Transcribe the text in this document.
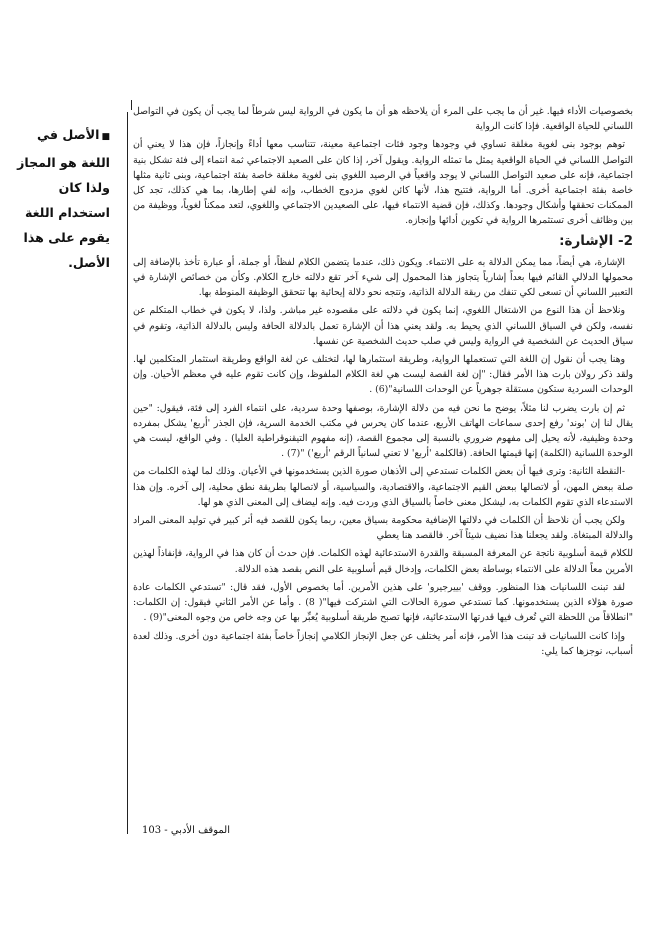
■الأصل في اللغة هو المجاز ولذا كان استخدام اللغة يقوم على هذا الأصل.

بخصوصيات الأداء فيها. غير أن ما يجب على المرء أن يلاحظه هو أن ما يكون في الرواية ليس شرطاً لما يجب أن يكون في التواصل اللساني للحياة الواقعية. فإذا كانت الرواية

توهم بوجود بنى لغوية مغلقة تساوي في وجودها وجود فئات اجتماعية معينة، تتناسب معها أداءً وإنجازاً، فإن هذا لا يعني أن التواصل اللساني في الحياة الواقعية يمثل ما تمثله الرواية. ويقول آخر، إذا كان على الصعيد الاجتماعي ثمة انتماء إلى فئة تشكل بنية اجتماعية، فإنه على صعيد التواصل اللساني لا يوجد واقعياً في الرصيد اللغوي بنى لغوية مغلقة خاصة بفئة اجتماعية، وبنى ثانية مثلها خاصة بفئة اجتماعية أخرى. أما الرواية، فتتيح هذا، لأنها كائن لغوي مزدوج الخطاب، وإنه لفي إطارها، بما هي كذلك، تجد كل الممكنات تحققها وأشكال وجودها. وكذلك، فإن قضية الانتماء فيها، على الصعيدين الاجتماعي واللغوي، لتعد ممكناً لغوياً، ووظيفة من بين وظائف أخرى تستثمرها الرواية في تكوين أدائها وإنجازه.

2- الإشارة:

الإشارة، هي أيضاً، مما يمكن الدلالة به على الانتماء. ويكون ذلك، عندما يتضمن الكلام لفظاً، أو جملة، أو عبارة تأخذ بالإضافة إلى محمولها الدلالي القائم فيها بعداً إشارياً يتجاوز هذا المحمول إلى شيء آخر تقع دلالته خارج الكلام. وكأن من خصائص الإشارة في التعبير اللساني أن تسعى لكي تنفك من ربقة الدلالة الذاتية، وتتجه نحو دلالة إيحائية بها تتحقق الوظيفة المنوطة بها.

ونلاحظ أن هذا النوع من الاشتغال اللغوي، إنما يكون في دلالته على مقصوده غير مباشر. ولذا، لا يكون في خطاب المتكلم عن نفسه، ولكن في السياق اللساني الذي يحيط به. ولقد يعني هذا أن الإشارة تعمل بالدلالة الحافة وليس بالدلالة الذاتية، وتقوم في سياق الحديث عن الشخصية في الرواية وليس في صلب حديث الشخصية عن نفسها.

وهنا يجب أن نقول إن اللغة التي تستعملها الرواية، وطريقة استثمارها لها، لتختلف عن لغة الواقع وطريقة استثمار المتكلمين لها. ولقد ذكر رولان بارت هذا الأمر فقال: "إن لغة القصة ليست هي لغة الكلام الملفوظ، وإن كانت تقوم عليه في معظم الأحيان. وإن الوحدات السردية ستكون مستقلة جوهرياً عن الوحدات اللسانية"(6) .

ثم إن بارت يضرب لنا مثلاً، يوضح ما نحن فيه من دلالة الإشارة، بوصفها وحدة سردية، على انتماء الفرد إلى فئة، فيقول: "حين يقال لنا إن 'بوند' رفع إحدى سماعات الهاتف الأربع، عندما كان يحرس في مكتب الخدمة السرية، فإن الجذر 'أربع' يشكل بمفرده وحدة وظيفية، لأنه يحيل إلى مفهوم ضروري بالنسبة إلى مجموع القصة، (إنه مفهوم التيقنوقراطية العليا) . وفي الواقع، ليست هي الوحدة اللسانية (الكلمة) إنها قيمتها الحافة. (فالكلمة 'أربع' لا تعني لسانياً الرقم 'أربع') "(7) .

-النقطة الثانية: وترى فيها أن بعض الكلمات تستدعي إلى الأذهان صورة الذين يستخدمونها في الأعيان. وذلك لما لهذه الكلمات من صلة ببعض المهن، أو لاتصالها ببعض القيم الاجتماعية، والاقتصادية، والسياسية، أو لاتصالها بطريقة نطق محلية، إلى آخره. وإن هذا الاستدعاء الذي تقوم الكلمات به، ليشكل معنى خاصاً بالسياق الذي وردت فيه. وإنه ليضاف إلى المعنى الذي هو لها.

ولكن يجب أن نلاحظ أن الكلمات في دلالتها الإضافية محكومة بسياق معين، ربما يكون للقصد فيه أثر كبير في توليد المعنى المراد والدلالة المبتغاة. ولقد يجعلنا هذا نضيف شيئاً آخر. فالقصد هنا يعطي

للكلام قيمة أسلوبية ناتجة عن المعرفة المسبقة والقدرة الاستدعائية لهذه الكلمات. فإن حدث أن كان هذا في الرواية، فإنفاذاً لهذين الأمرين معاً الدلالة على الانتماء بوساطة بعض الكلمات، وإدخال قيم أسلوبية على النص بقصد هذه الدلالة.

لقد تبنت اللسانيات هذا المنظور. ووقف 'بييرجيرو' على هذين الأمرين. أما بخصوص الأول، فقد قال: "تستدعي الكلمات عادة صورة هؤلاء الذين يستخدمونها. كما تستدعي صورة الحالات التي اشتركت فيها"( 8) . وأما عن الأمر الثاني فيقول: إن الكلمات: "انطلاقاً من اللحظة التي تُعرف فيها قدرتها الاستدعائية، فإنها تصبح طريقة أسلوبية يُعبِّر بها عن وجه خاص من وجوه المعنى"(9) .

وإذا كانت اللسانيات قد تبنت هذا الأمر، فإنه أمر يختلف عن جعل الإنجاز الكلامي إنجازاً خاصاً بفئة اجتماعية دون أخرى. وذلك لعدة أسباب، نوجزها كما يلي:

الموقف الأدبي - 103
